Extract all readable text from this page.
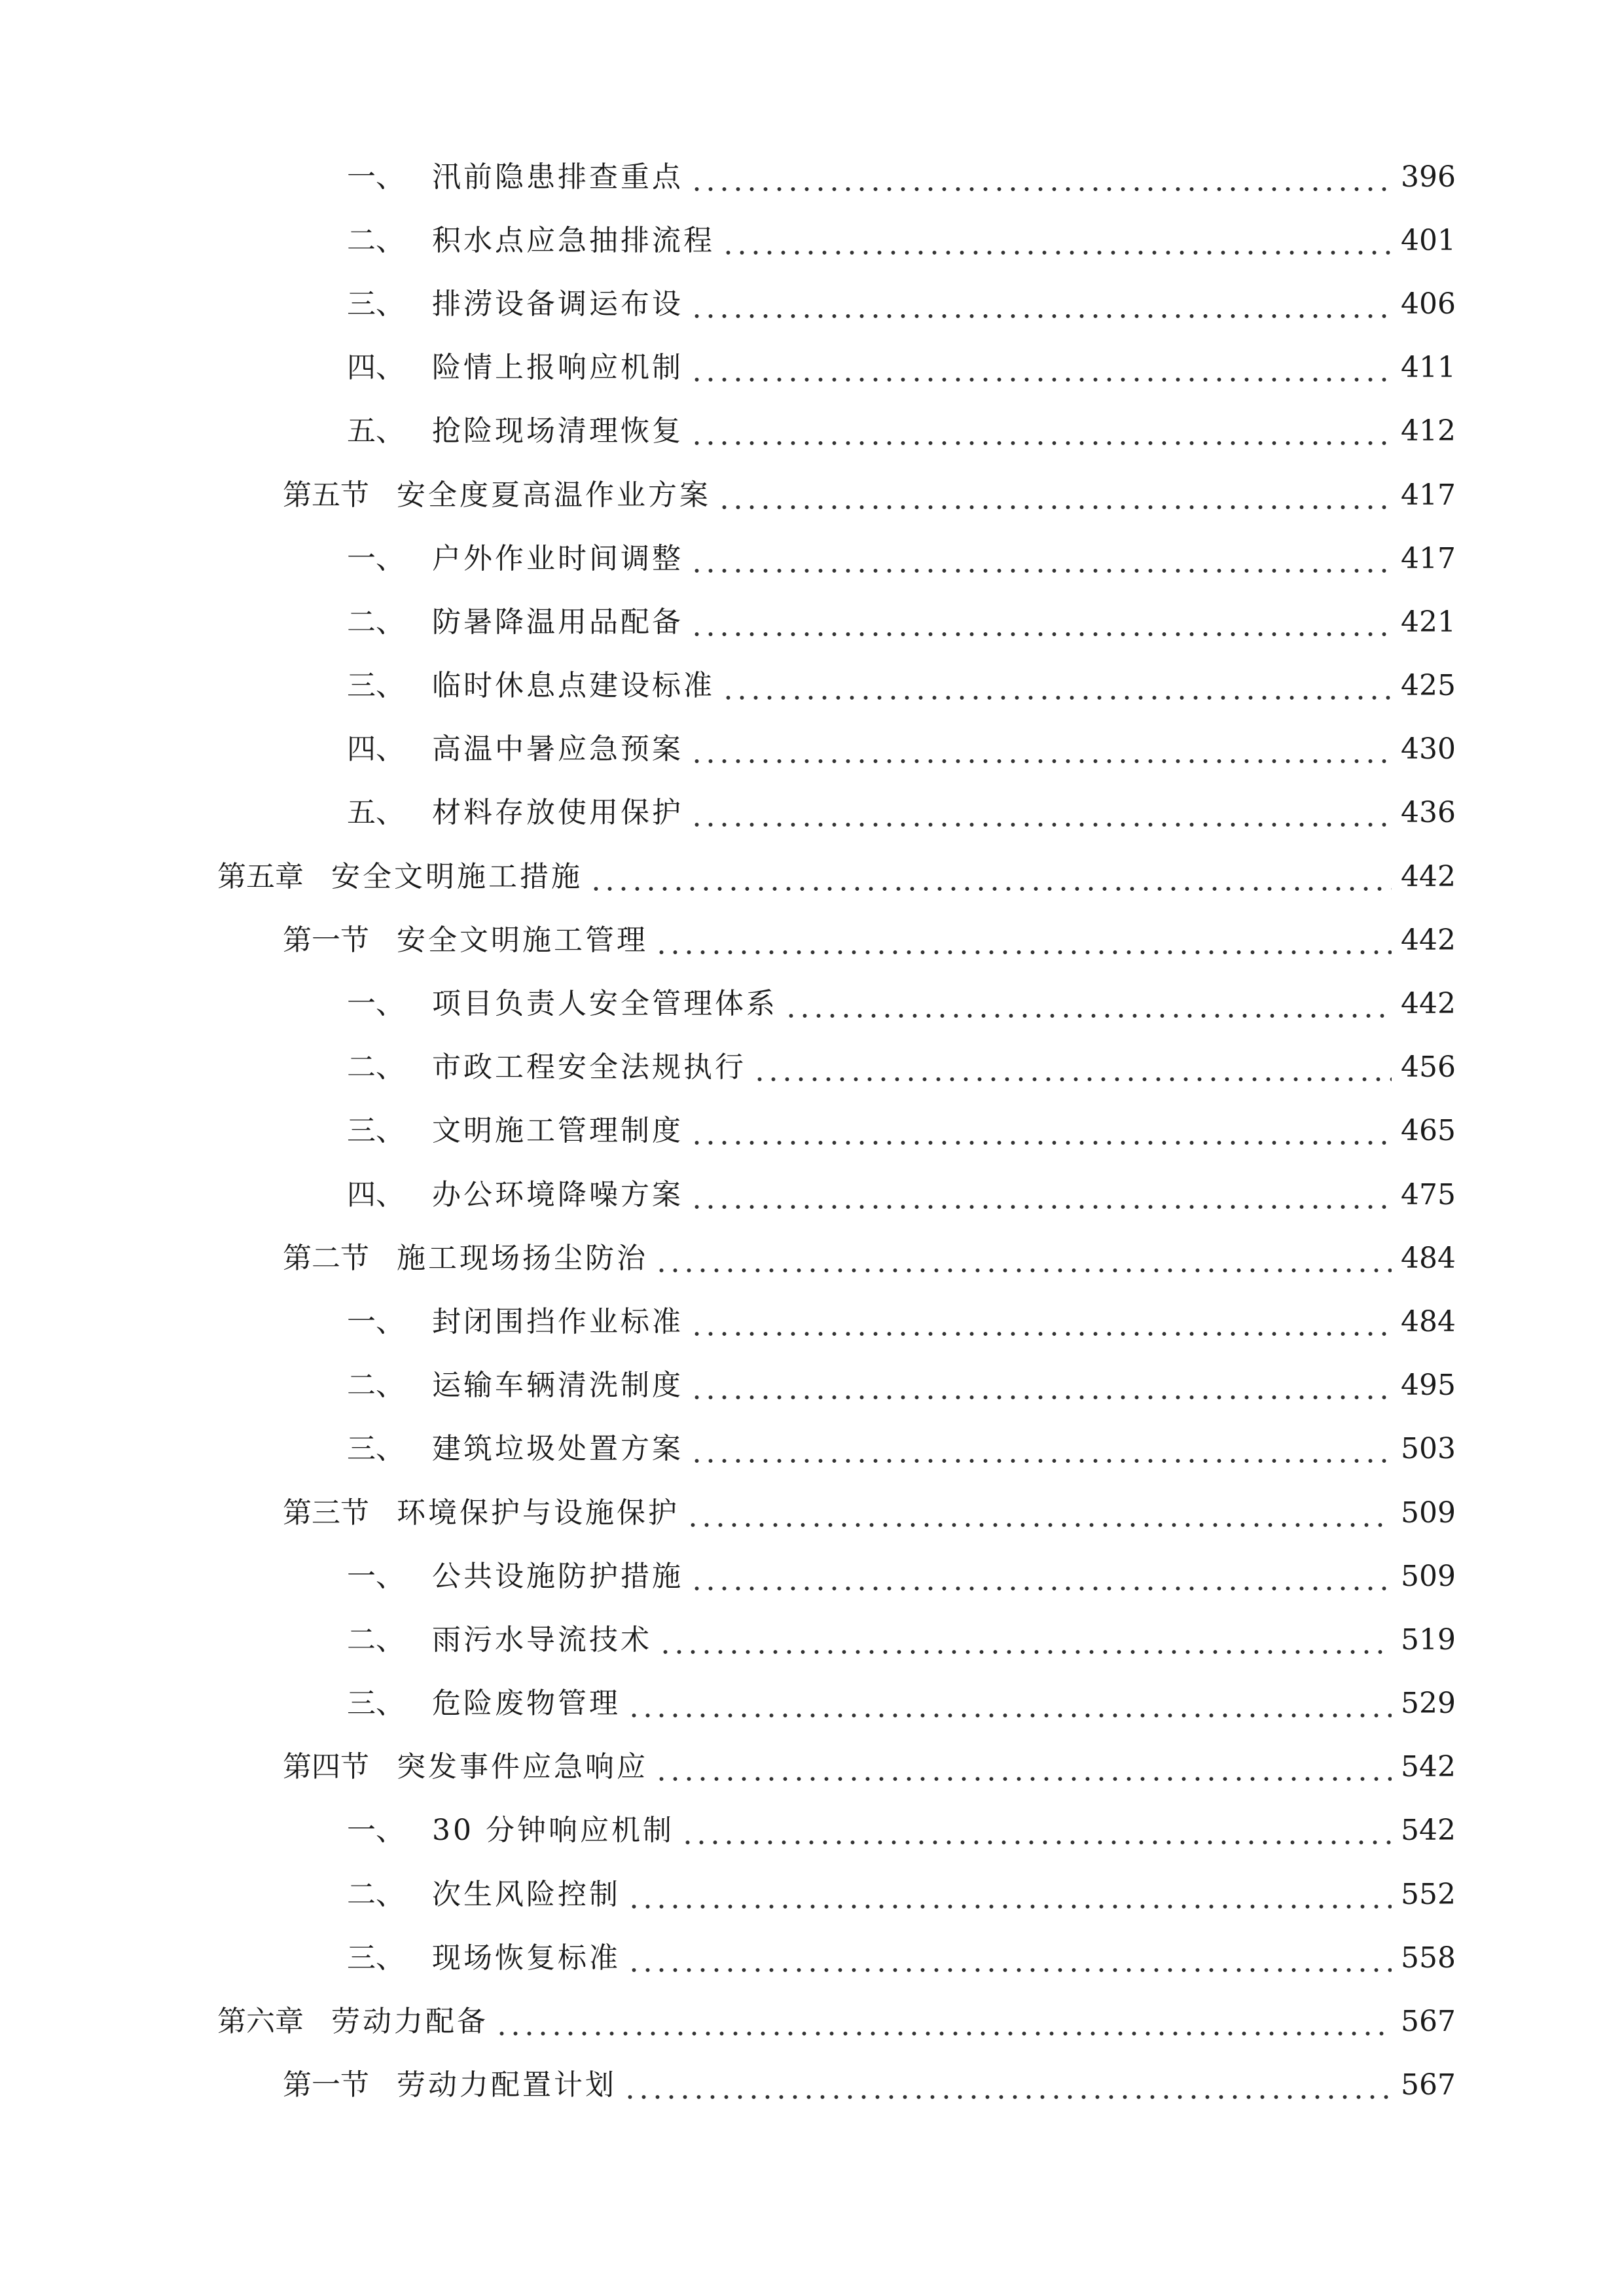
一、 汛前隐患排查重点	396
二、 积水点应急抽排流程	401
三、 排涝设备调运布设	406
四、 险情上报响应机制	411
五、 抢险现场清理恢复	412
第五节 安全度夏高温作业方案	417
一、 户外作业时间调整	417
二、 防暑降温用品配备	421
三、 临时休息点建设标准	425
四、 高温中暑应急预案	430
五、 材料存放使用保护	436
第五章 安全文明施工措施	442
第一节 安全文明施工管理	442
一、 项目负责人安全管理体系	442
二、 市政工程安全法规执行	456
三、 文明施工管理制度	465
四、 办公环境降噪方案	475
第二节 施工现场扬尘防治	484
一、 封闭围挡作业标准	484
二、 运输车辆清洗制度	495
三、 建筑垃圾处置方案	503
第三节 环境保护与设施保护	509
一、 公共设施防护措施	509
二、 雨污水导流技术	519
三、 危险废物管理	529
第四节 突发事件应急响应	542
一、 30 分钟响应机制	542
二、 次生风险控制	552
三、 现场恢复标准	558
第六章 劳动力配备	567
第一节 劳动力配置计划	567
